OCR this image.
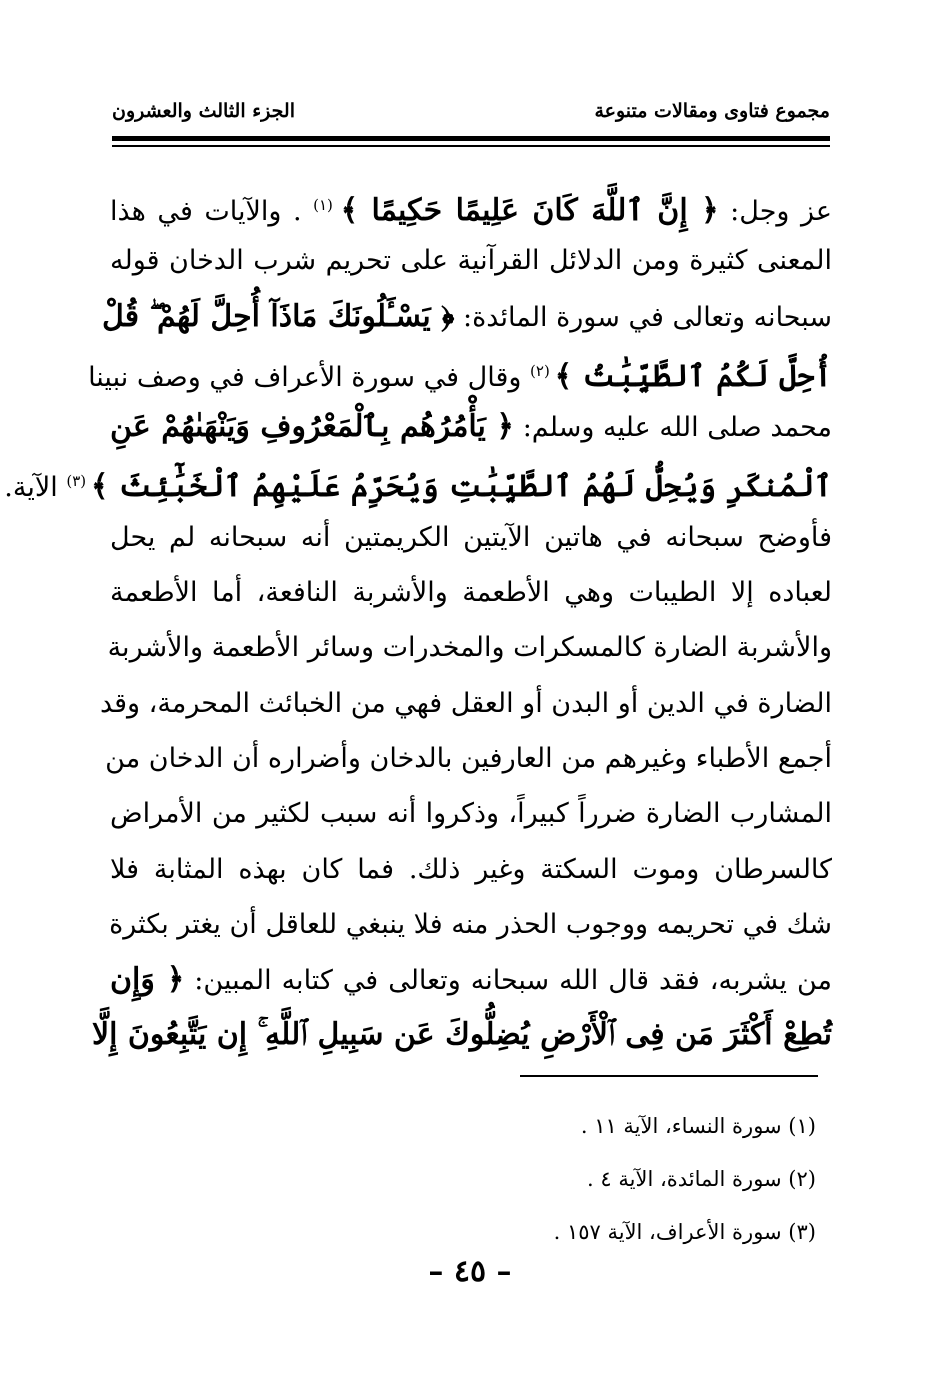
مجموع فتاوى ومقالات متنوعة
الجزء الثالث والعشرون
عز وجل: ﴿ إِنَّ ٱللَّهَ كَانَ عَلِيمًا حَكِيمًا ﴾ $^{(١)}$ . والآيات في هذا
المعنى كثيرة ومن الدلائل القرآنية على تحريم شرب الدخان قوله
سبحانه وتعالى في سورة المائدة: ﴿ يَسْـَٔلُونَكَ مَاذَآ أُحِلَّ لَهُمْ ۖ قُلْ
أُحِلَّ لَكُمُ ٱلطَّيِّبَٰتُ ﴾ $^{(٢)}$ وقال في سورة الأعراف في وصف نبينا
محمد صلى الله عليه وسلم: ﴿ يَأْمُرُهُم بِٱلْمَعْرُوفِ وَيَنْهَىٰهُمْ عَنِ
ٱلْمُنكَرِ وَيُحِلُّ لَهُمُ ٱلطَّيِّبَٰتِ وَيُحَرِّمُ عَلَيْهِمُ ٱلْخَبَٰٓئِثَ ﴾ $^{(٣)}$ الآية.
فأوضح سبحانه في هاتين الآيتين الكريمتين أنه سبحانه لم يحل
لعباده إلا الطيبات وهي الأطعمة والأشربة النافعة، أما الأطعمة
والأشربة الضارة كالمسكرات والمخدرات وسائر الأطعمة والأشربة
الضارة في الدين أو البدن أو العقل فهي من الخبائث المحرمة، وقد
أجمع الأطباء وغيرهم من العارفين بالدخان وأضراره أن الدخان من
المشارب الضارة ضرراً كبيراً، وذكروا أنه سبب لكثير من الأمراض
كالسرطان وموت السكتة وغير ذلك. فما كان بهذه المثابة فلا
شك في تحريمه ووجوب الحذر منه فلا ينبغي للعاقل أن يغتر بكثرة
من يشربه، فقد قال الله سبحانه وتعالى في كتابه المبين: ﴿ وَإِن
تُطِعْ أَكْثَرَ مَن فِى ٱلْأَرْضِ يُضِلُّوكَ عَن سَبِيلِ ٱللَّهِ ۚ إِن يَتَّبِعُونَ إِلَّا
(١) سورة النساء، الآية ١١ .
(٢) سورة المائدة، الآية ٤ .
(٣) سورة الأعراف، الآية ١٥٧ .
– ٤٥ –
